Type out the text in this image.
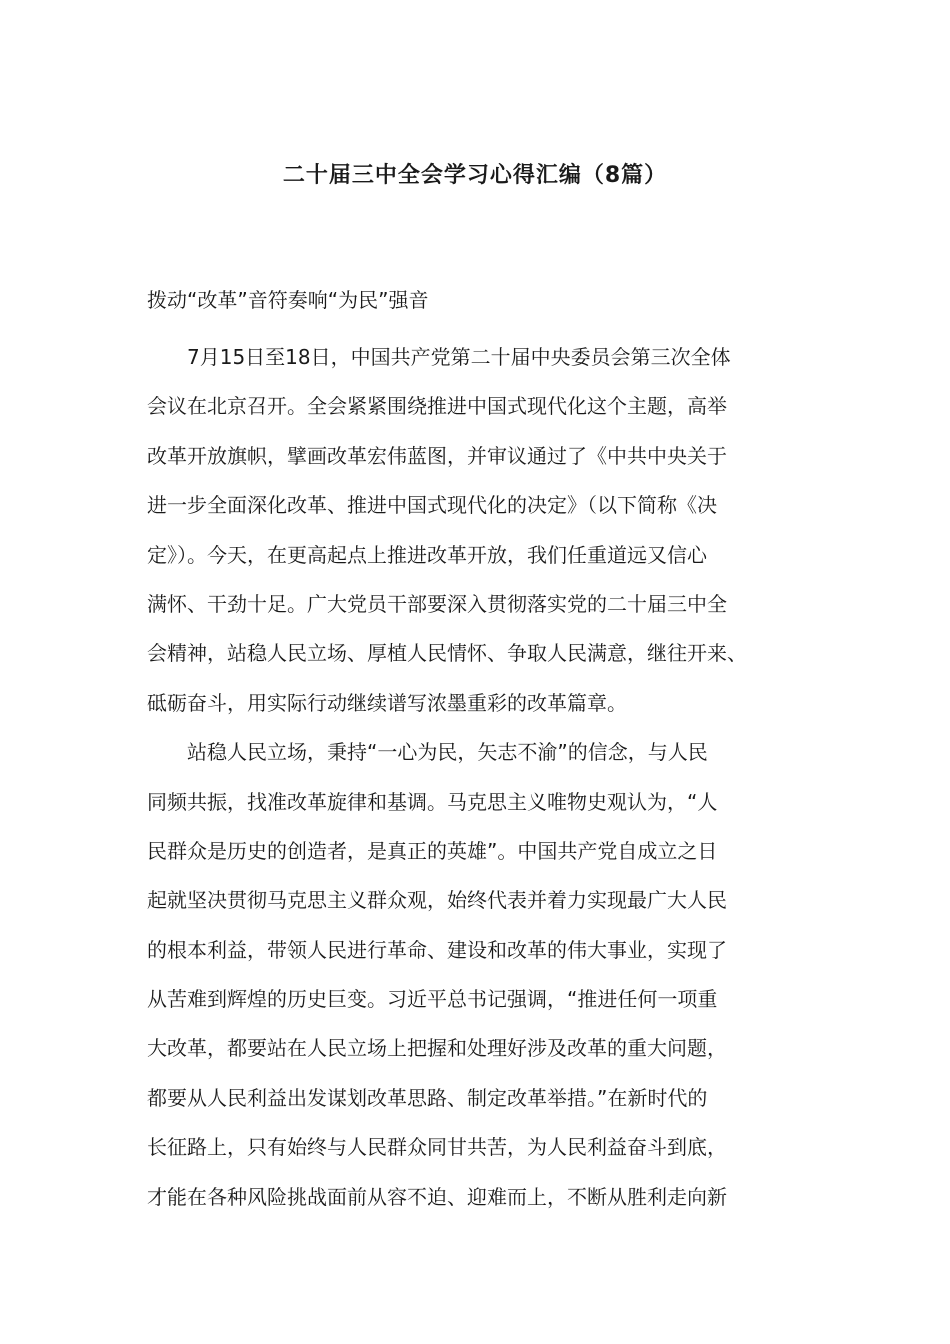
二十届三中全会学习心得汇编（8篇）

拨动“改革”音符奏响“为民”强音

7月15日至18日，中国共产党第二十届中央委员会第三次全体
会议在北京召开。全会紧紧围绕推进中国式现代化这个主题，高举
改革开放旗帜，擘画改革宏伟蓝图，并审议通过了《中共中央关于
进一步全面深化改革、推进中国式现代化的决定》（以下简称《决
定》）。今天，在更高起点上推进改革开放，我们任重道远又信心
满怀、干劲十足。广大党员干部要深入贯彻落实党的二十届三中全
会精神，站稳人民立场、厚植人民情怀、争取人民满意，继往开来、
砥砺奋斗，用实际行动继续谱写浓墨重彩的改革篇章。
站稳人民立场，秉持“一心为民，矢志不渝”的信念，与人民
同频共振，找准改革旋律和基调。马克思主义唯物史观认为，“人
民群众是历史的创造者，是真正的英雄”。中国共产党自成立之日
起就坚决贯彻马克思主义群众观，始终代表并着力实现最广大人民
的根本利益，带领人民进行革命、建设和改革的伟大事业，实现了
从苦难到辉煌的历史巨变。习近平总书记强调，“推进任何一项重
大改革，都要站在人民立场上把握和处理好涉及改革的重大问题，
都要从人民利益出发谋划改革思路、制定改革举措。”在新时代的
长征路上，只有始终与人民群众同甘共苦，为人民利益奋斗到底，
才能在各种风险挑战面前从容不迫、迎难而上，不断从胜利走向新
